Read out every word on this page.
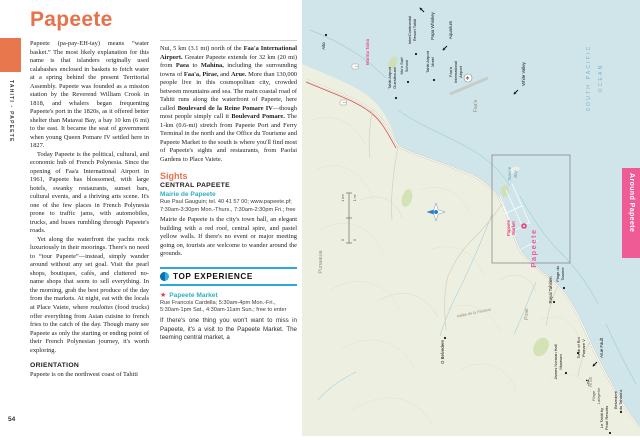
TAHITI ▪ PAPEETE
54
Papeete

Papeete (pa-pay-EH-tay) means “water basket.” The most likely explanation for this name is that islanders originally used calabashes enclosed in baskets to fetch water at a spring behind the present Territorial Assembly. Papeete was founded as a mission station by the Reverend William Crook in 1818, and whalers began frequenting Papeete's port in the 1820s, as it offered better shelter than Matavai Bay, a bay 10 km (6 mi) to the east. It became the seat of government when young Queen Pomare IV settled here in 1827.

Today Papeete is the political, cultural, and economic hub of French Polynesia. Since the opening of Faa'a International Airport in 1961, Papeete has blossomed, with large hotels, swanky restaurants, sunset bars, cultural events, and a thriving arts scene. It's one of the few places in French Polynesia prone to traffic jams, with automobiles, trucks, and buses rumbling through Papeete's roads.

Yet along the waterfront the yachts rock luxuriously in their moorings. There's no need to “tour Papeete”—instead, simply wander around without any set goal. Visit the pearl shops, boutiques, cafés, and cluttered no-name shops that seem to sell everything. In the morning, grab the best produce of the day from the markets. At night, eat with the locals at Place Vaiete, where roulottes (food trucks) offer everything from Asian cuisine to french fries to the catch of the day. Though many see Papeete as only the starting or ending point of their French Polynesian journey, it's worth exploring.

ORIENTATION

Papeete is on the northwest coast of Tahiti

Nui, 5 km (3.1 mi) north of the Faa'a International Airport. Greater Papeete extends for 32 km (20 mi) from Paea to Mahina, including the surrounding towns of Faa'a, Pirae, and Arue. More than 130,000 people live in this cosmopolitan city, crowded between mountains and sea. The main coastal road of Tahiti runs along the waterfront of Papeete, here called Boulevard de la Reine Pomare IV—though most people simply call it Boulevard Pomare. The 1-km (0.6-mi) stretch from Papeete Port and Ferry Terminal in the north and the Office du Tourisme and Papeete Market to the south is where you'll find most of Papeete's sights and restaurants, from Paofai Gardens to Place Vaiete.

Sights
CENTRAL PAPEETE
Mairie de Papeete

Rue Paul Gauguin; tel. 40 41 57 00; www.papeete.pf; 7:30am-3:30pm Mon.-Thurs., 7:30am-2:30pm Fri.; free

Mairie de Papeete is the city's town hall, an elegant building with a red roof, central spire, and pastel yellow walls. If there's no event or major meeting going on, tourists are welcome to wander around the grounds.

TOP EXPERIENCE
★ Papeete Market

Rue Francois Cardella; 5:30am-4pm Mon.-Fri., 5:30am-1pm Sat., 4:30am-11am Sun.; free to enter

If there's one thing you won't want to miss in Papeete, it's a visit to the Papeete Market. The teeming central market, a

0
1 km
0
1 mi
1
1
✈	SOUTH PACIFIC OCEAN
Papa Whiskey	Aquarium
White Valley
Arue Fault
Marina Taina
Aito
Mo'o Surf School
Tahiti Airport Guesthouse
InterContinental Resort Tahiti
Tahiti Airport Motel
Faa'a International Airport
Faa'a
Punaauia
Pirae
Arue
Taaone Bay
Papeete
Papeete Market
Vallée de la Fautaua
O Belvedere
Royal Tahitien
Plage du Taaone
Tomb of Roi Pomare V
James Norman Hall Museum
Plage Lafayette	Belvedere du Tahara'a
Le Tahiti by Pearl Resorts
Around Papeete
